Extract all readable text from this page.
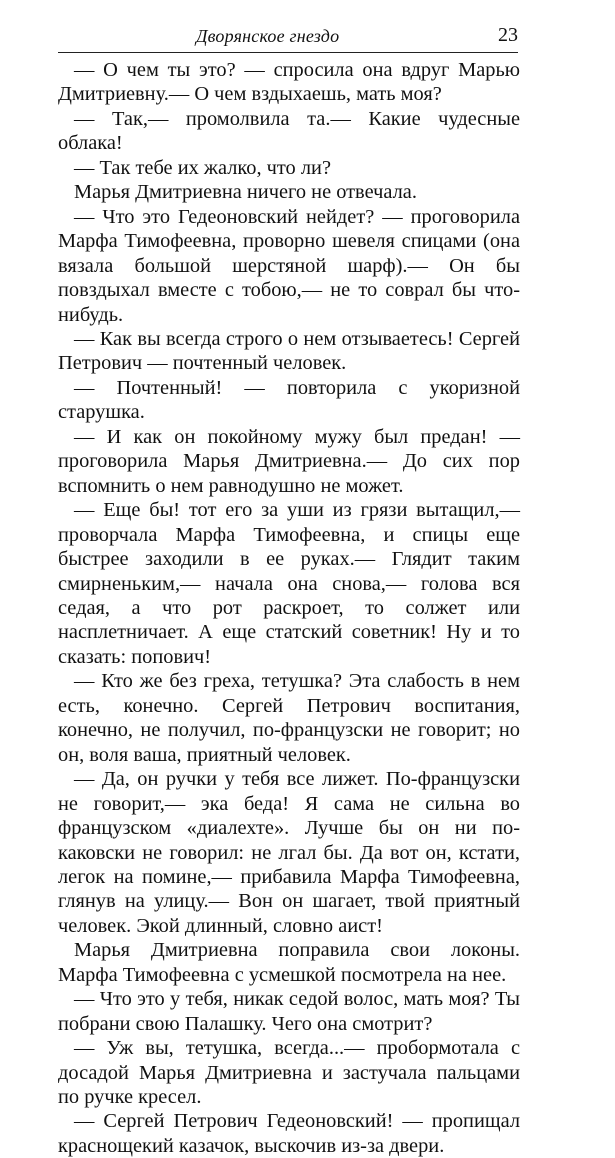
Дворянское гнездо	23

— О чем ты это? — спросила она вдруг Марью Дмитриевну.— О чем вздыхаешь, мать моя?

— Так,— промолвила та.— Какие чудесные облака!

— Так тебе их жалко, что ли?

Марья Дмитриевна ничего не отвечала.

— Что это Гедеоновский нейдет? — проговорила Марфа Тимофеевна, проворно шевеля спицами (она вязала большой шерстяной шарф).— Он бы повздыхал вместе с тобою,— не то соврал бы что-нибудь.

— Как вы всегда строго о нем отзываетесь! Сергей Петрович — почтенный человек.

— Почтенный! — повторила с укоризной старушка.

— И как он покойному мужу был предан! — проговорила Марья Дмитриевна.— До сих пор вспомнить о нем равнодушно не может.

— Еще бы! тот его за уши из грязи вытащил,— проворчала Марфа Тимофеевна, и спицы еще быстрее заходили в ее руках.— Глядит таким смирненьким,— начала она снова,— голова вся седая, а что рот раскроет, то солжет или насплетничает. А еще статский советник! Ну и то сказать: попович!

— Кто же без греха, тетушка? Эта слабость в нем есть, конечно. Сергей Петрович воспитания, конечно, не получил, по-французски не говорит; но он, воля ваша, приятный человек.

— Да, он ручки у тебя все лижет. По-французски не говорит,— эка беда! Я сама не сильна во французском «диалехте». Лучше бы он ни по-каковски не говорил: не лгал бы. Да вот он, кстати, легок на помине,— прибавила Марфа Тимофеевна, глянув на улицу.— Вон он шагает, твой приятный человек. Экой длинный, словно аист!

Марья Дмитриевна поправила свои локоны. Марфа Тимофеевна с усмешкой посмотрела на нее.

— Что это у тебя, никак седой волос, мать моя? Ты побрани свою Палашку. Чего она смотрит?

— Уж вы, тетушка, всегда...— пробормотала с досадой Марья Дмитриевна и застучала пальцами по ручке кресел.

— Сергей Петрович Гедеоновский! — пропищал краснощекий казачок, выскочив из-за двери.
